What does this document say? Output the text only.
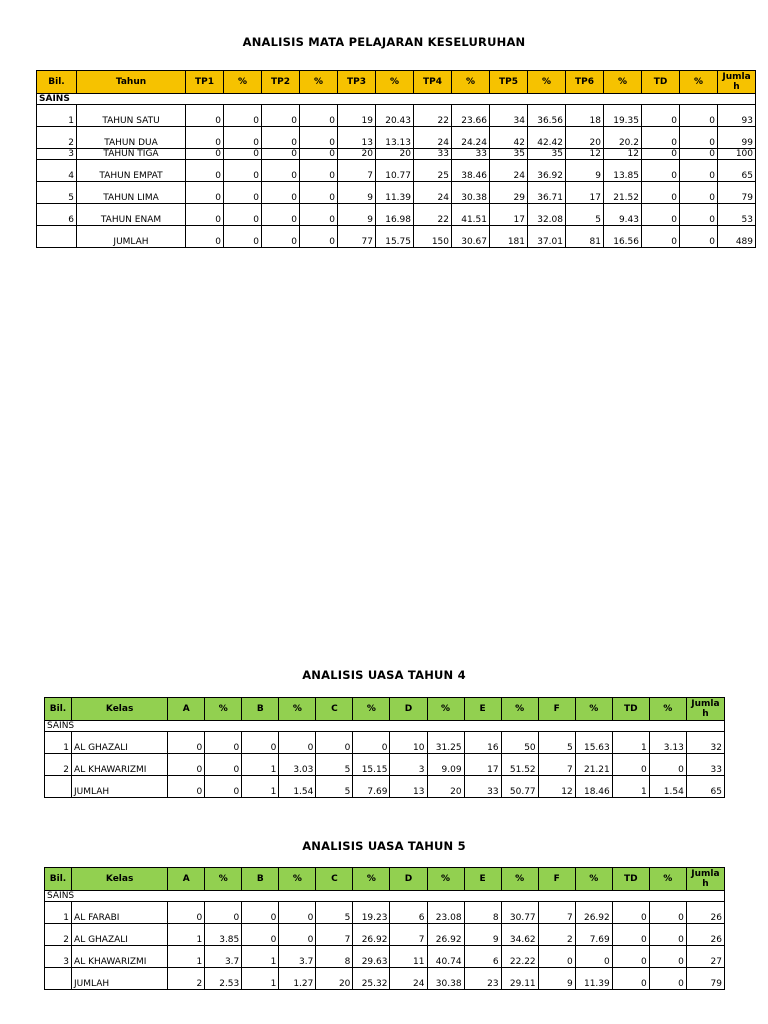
ANALISIS MATA PELAJARAN KESELURUHAN
Bil.	Tahun	TP1	%	TP2	%	TP3	%	TP4	%	TP5	%	TP6	%	TD	%	Jumlah
SAINS																
1	TAHUN SATU	0	0	0	0	19	20.43	22	23.66	34	36.56	18	19.35	0	0	93
2	TAHUN DUA	0	0	0	0	13	13.13	24	24.24	42	42.42	20	20.2	0	0	99
3	TAHUN TIGA	0	0	0	0	20	20	33	33	35	35	12	12	0	0	100
4	TAHUN EMPAT	0	0	0	0	7	10.77	25	38.46	24	36.92	9	13.85	0	0	65
5	TAHUN LIMA	0	0	0	0	9	11.39	24	30.38	29	36.71	17	21.52	0	0	79
6	TAHUN ENAM	0	0	0	0	9	16.98	22	41.51	17	32.08	5	9.43	0	0	53
	JUMLAH	0	0	0	0	77	15.75	150	30.67	181	37.01	81	16.56	0	0	489
ANALISIS UASA TAHUN 4
Bil.	Kelas	A	%	B	%	C	%	D	%	E	%	F	%	TD	%	Jumlah
SAINS																
1	AL GHAZALI	0	0	0	0	0	0	10	31.25	16	50	5	15.63	1	3.13	32
2	AL KHAWARIZMI	0	0	1	3.03	5	15.15	3	9.09	17	51.52	7	21.21	0	0	33
	JUMLAH	0	0	1	1.54	5	7.69	13	20	33	50.77	12	18.46	1	1.54	65
ANALISIS UASA TAHUN 5
Bil.	Kelas	A	%	B	%	C	%	D	%	E	%	F	%	TD	%	Jumlah
SAINS																
1	AL FARABI	0	0	0	0	5	19.23	6	23.08	8	30.77	7	26.92	0	0	26
2	AL GHAZALI	1	3.85	0	0	7	26.92	7	26.92	9	34.62	2	7.69	0	0	26
3	AL KHAWARIZMI	1	3.7	1	3.7	8	29.63	11	40.74	6	22.22	0	0	0	0	27
	JUMLAH	2	2.53	1	1.27	20	25.32	24	30.38	23	29.11	9	11.39	0	0	79
